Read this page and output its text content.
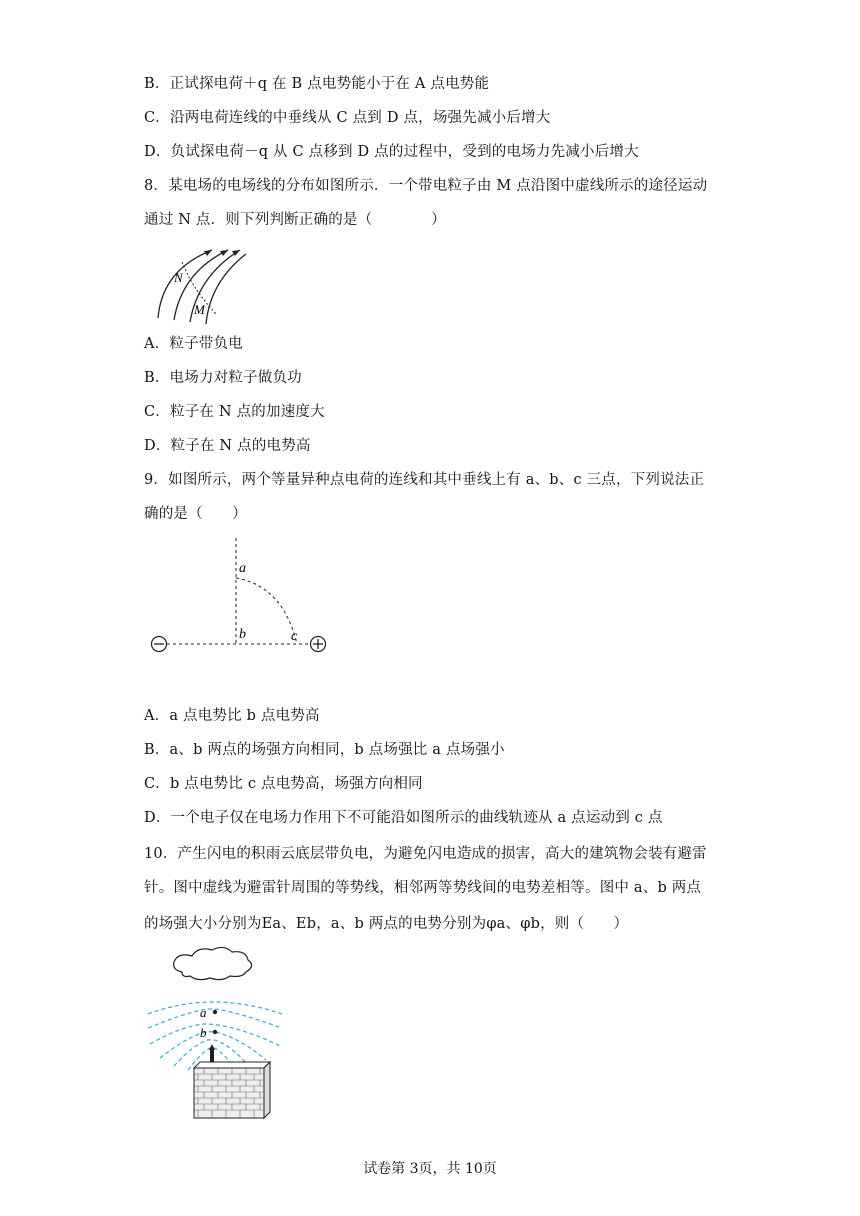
B．正试探电荷＋q 在 B 点电势能小于在 A 点电势能
C．沿两电荷连线的中垂线从 C 点到 D 点，场强先减小后增大
D．负试探电荷－q 从 C 点移到 D 点的过程中，受到的电场力先减小后增大
8．某电场的电场线的分布如图所示．一个带电粒子由 M 点沿图中虚线所示的途径运动
通过 N 点．则下列判断正确的是（　　　　）
N
M
A．粒子带负电
B．电场力对粒子做负功
C．粒子在 N 点的加速度大
D．粒子在 N 点的电势高
9．如图所示，两个等量异种点电荷的连线和其中垂线上有 a、b、c 三点，下列说法正
确的是（　　）
a
b	c
A．a 点电势比 b 点电势高
B．a、b 两点的场强方向相同，b 点场强比 a 点场强小
C．b 点电势比 c 点电势高，场强方向相同
D．一个电子仅在电场力作用下不可能沿如图所示的曲线轨迹从 a 点运动到 c 点
10．产生闪电的积雨云底层带负电，为避免闪电造成的损害，高大的建筑物会装有避雷
针。图中虚线为避雷针周围的等势线，相邻两等势线间的电势差相等。图中 a、b 两点
的场强大小分别为Ea、Eb，a、b 两点的电势分别为φa、φb，则（　　）
a
b
试卷第 3页，共 10页
